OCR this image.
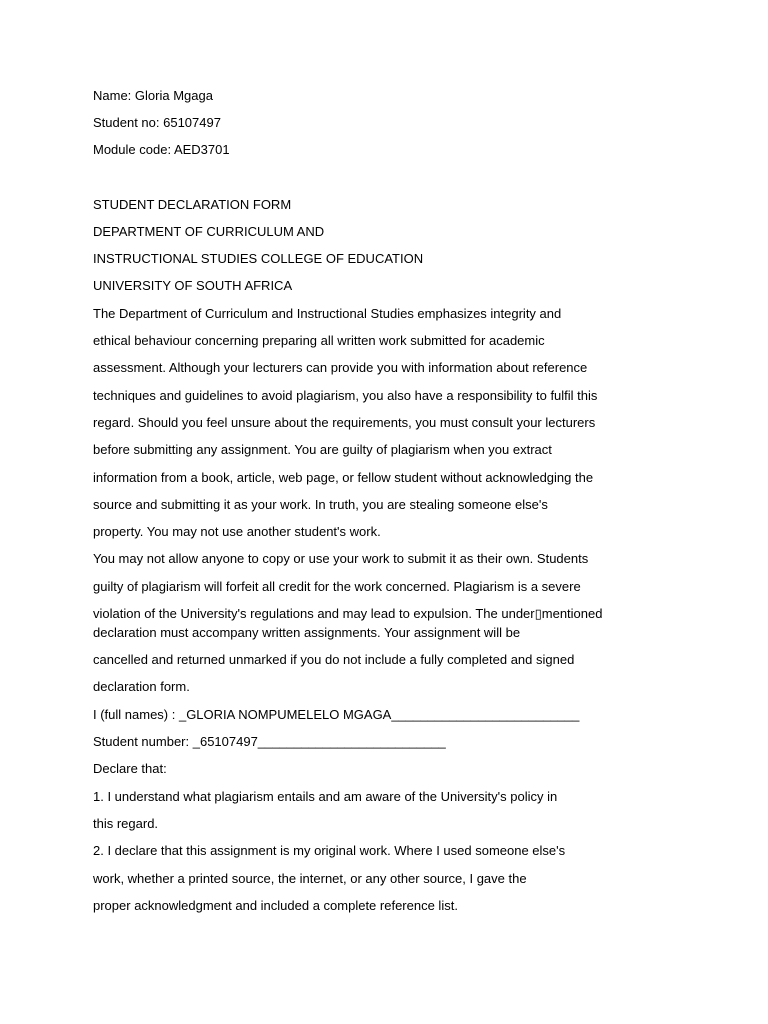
Name: Gloria Mgaga
Student no: 65107497
Module code: AED3701
STUDENT DECLARATION FORM
DEPARTMENT OF CURRICULUM AND
INSTRUCTIONAL STUDIES COLLEGE OF EDUCATION
UNIVERSITY OF SOUTH AFRICA
The Department of Curriculum and Instructional Studies emphasizes integrity and
ethical behaviour concerning preparing all written work submitted for academic
assessment. Although your lecturers can provide you with information about reference
techniques and guidelines to avoid plagiarism, you also have a responsibility to fulfil this
regard. Should you feel unsure about the requirements, you must consult your lecturers
before submitting any assignment. You are guilty of plagiarism when you extract
information from a book, article, web page, or fellow student without acknowledging the
source and submitting it as your work. In truth, you are stealing someone else's
property. You may not use another student's work.
You may not allow anyone to copy or use your work to submit it as their own. Students
guilty of plagiarism will forfeit all credit for the work concerned. Plagiarism is a severe
violation of the University's regulations and may lead to expulsion. The under▯mentioned
declaration must accompany written assignments. Your assignment will be
cancelled and returned unmarked if you do not include a fully completed and signed
declaration form.
I (full names) : _GLORIA NOMPUMELELO MGAGA__________________________
Student number: _65107497__________________________
Declare that:
1. I understand what plagiarism entails and am aware of the University's policy in
this regard.
2. I declare that this assignment is my original work. Where I used someone else's
work, whether a printed source, the internet, or any other source, I gave the
proper acknowledgment and included a complete reference list.
